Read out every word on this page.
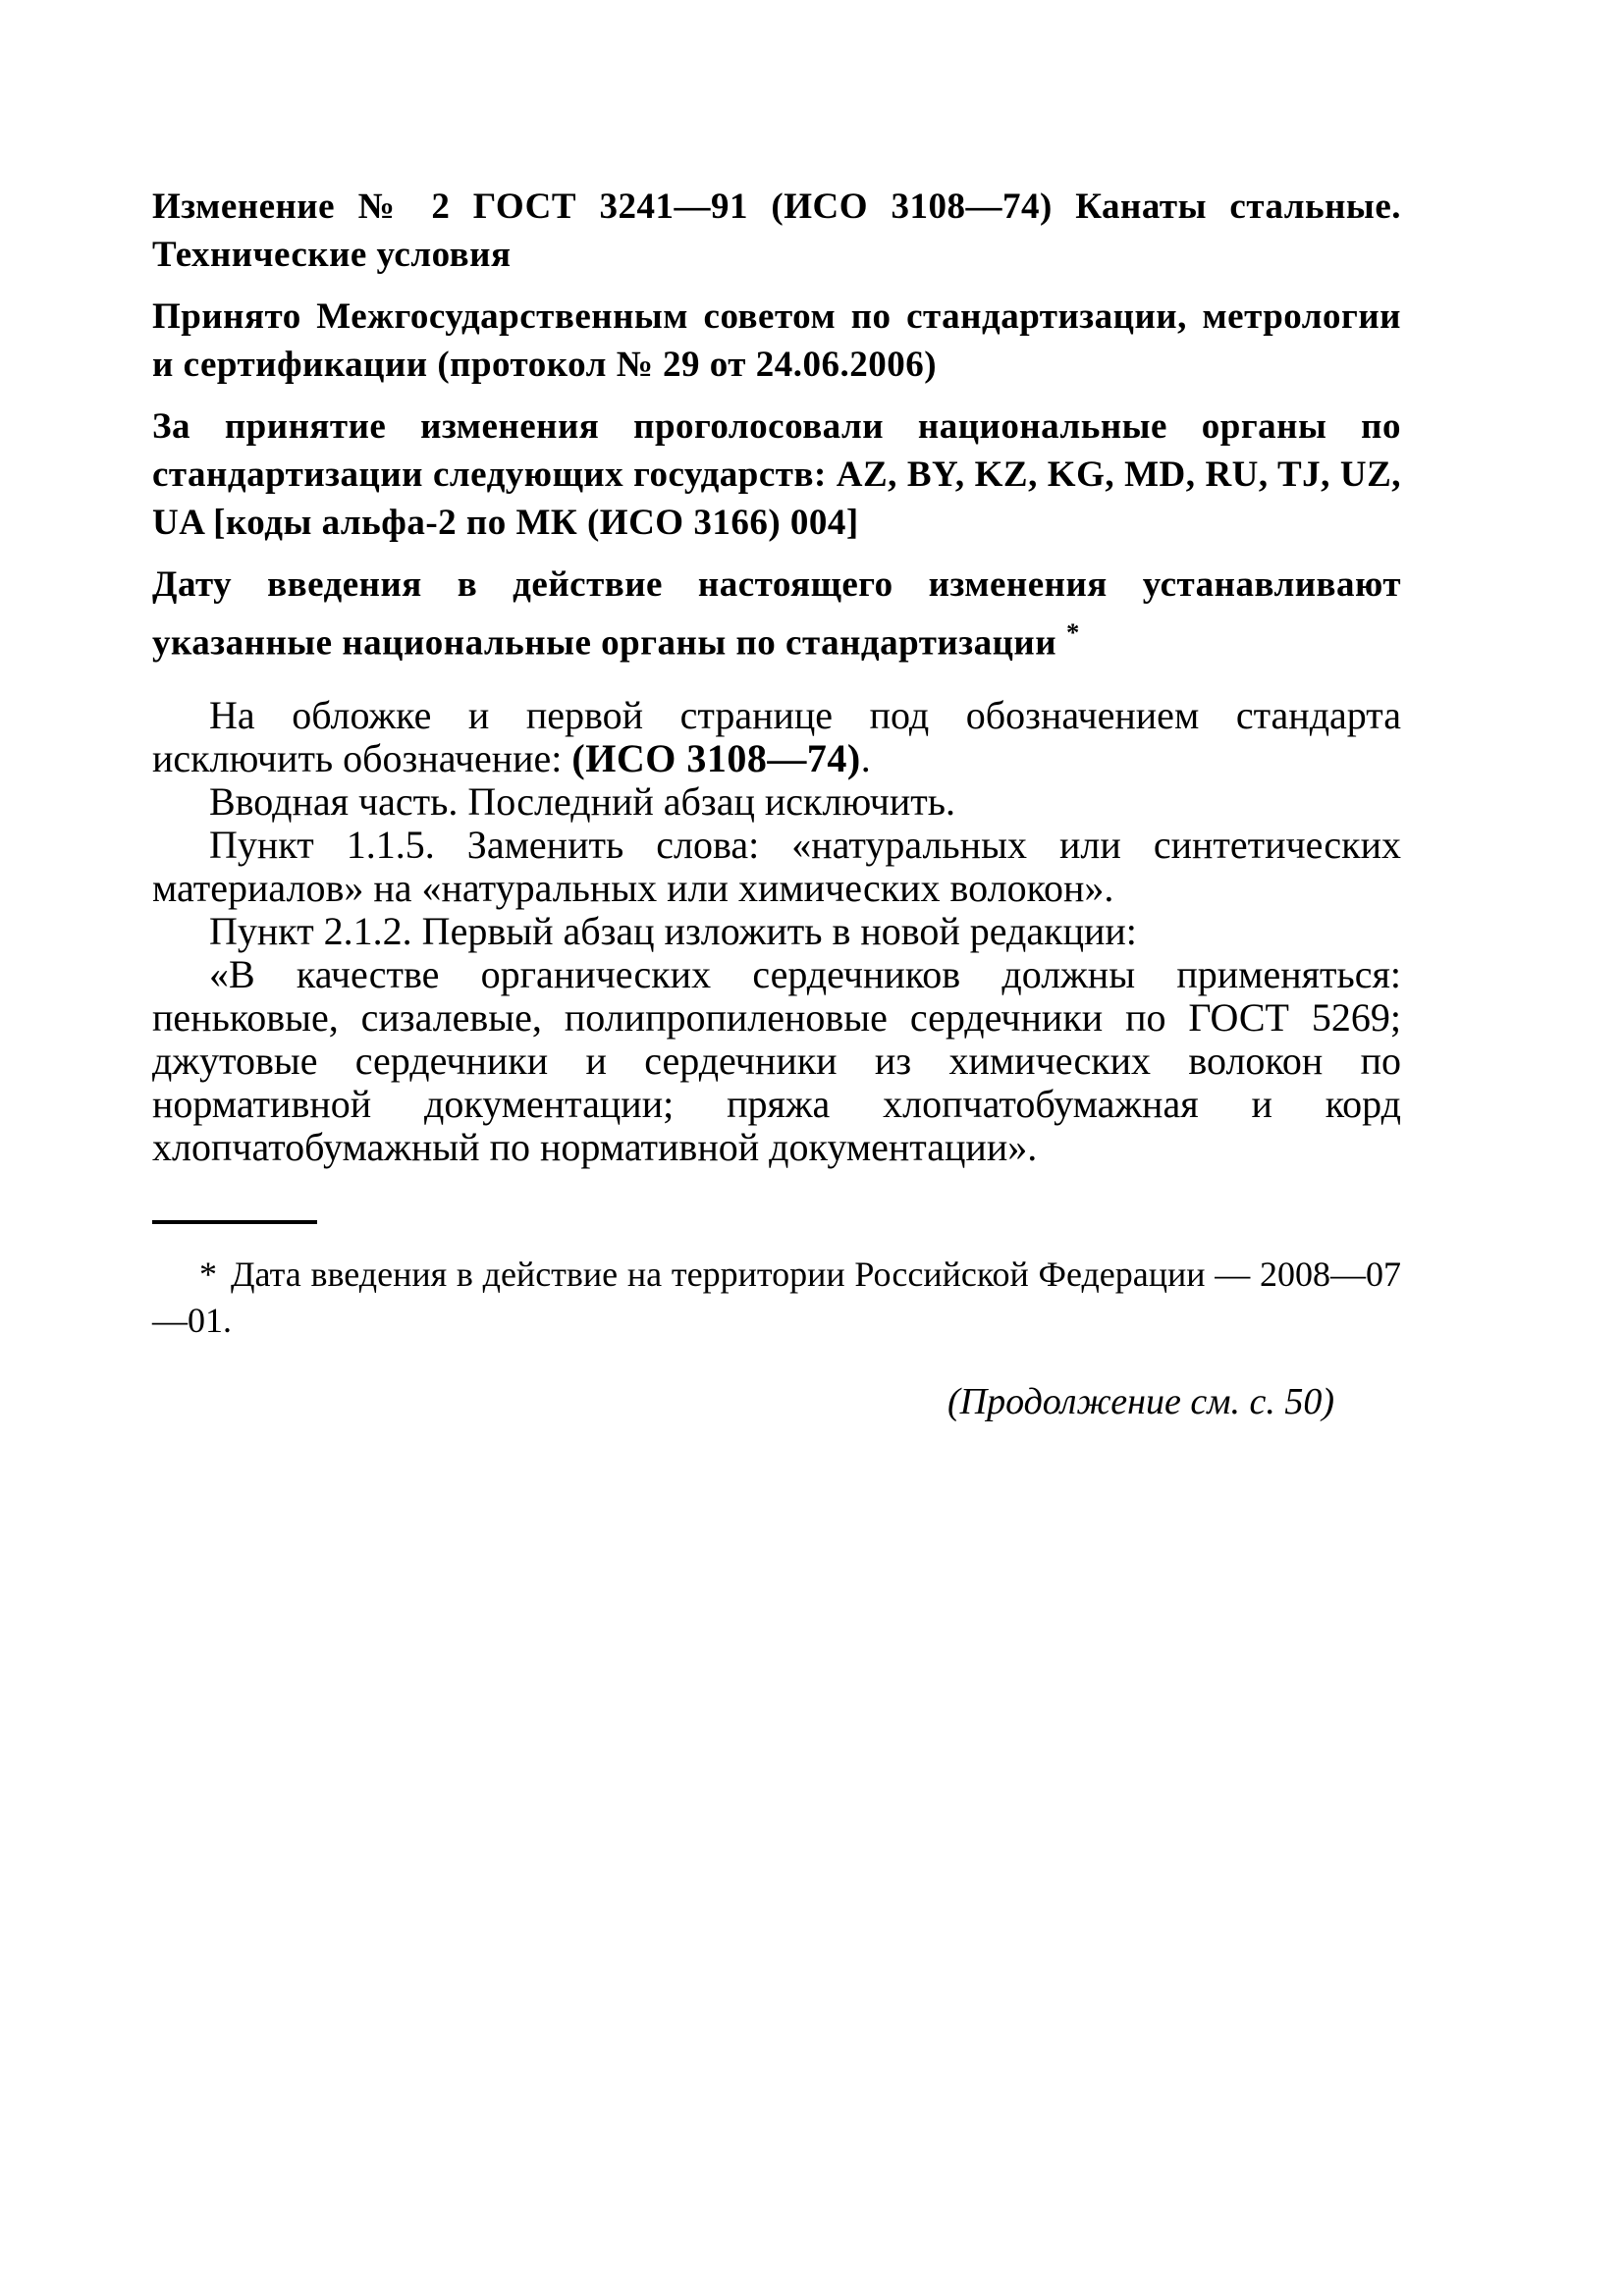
Изменение № 2 ГОСТ 3241—91 (ИСО 3108—74) Канаты стальные. Технические условия

Принято Межгосударственным советом по стандартизации, метрологии и сертификации (протокол № 29 от 24.06.2006)

За принятие изменения проголосовали национальные органы по стандартизации следующих государств: AZ, BY, KZ, KG, MD, RU, TJ, UZ, UA [коды альфа-2 по МК (ИСО 3166) 004]

Дату введения в действие настоящего изменения устанавливают указанные национальные органы по стандартизации *

На обложке и первой странице под обозначением стандарта исключить обозначение: (ИСО 3108—74).

Вводная часть. Последний абзац исключить.

Пункт 1.1.5. Заменить слова: «натуральных или синтетических материалов» на «натуральных или химических волокон».

Пункт 2.1.2. Первый абзац изложить в новой редакции:

«В качестве органических сердечников должны применяться: пеньковые, сизалевые, полипропиленовые сердечники по ГОСТ 5269; джутовые сердечники и сердечники из химических волокон по нормативной документации; пряжа хлопчатобумажная и корд хлопчатобумажный по нормативной документации».

* Дата введения в действие на территории Российской Федерации — 2008—07—01.

(Продолжение см. с. 50)
